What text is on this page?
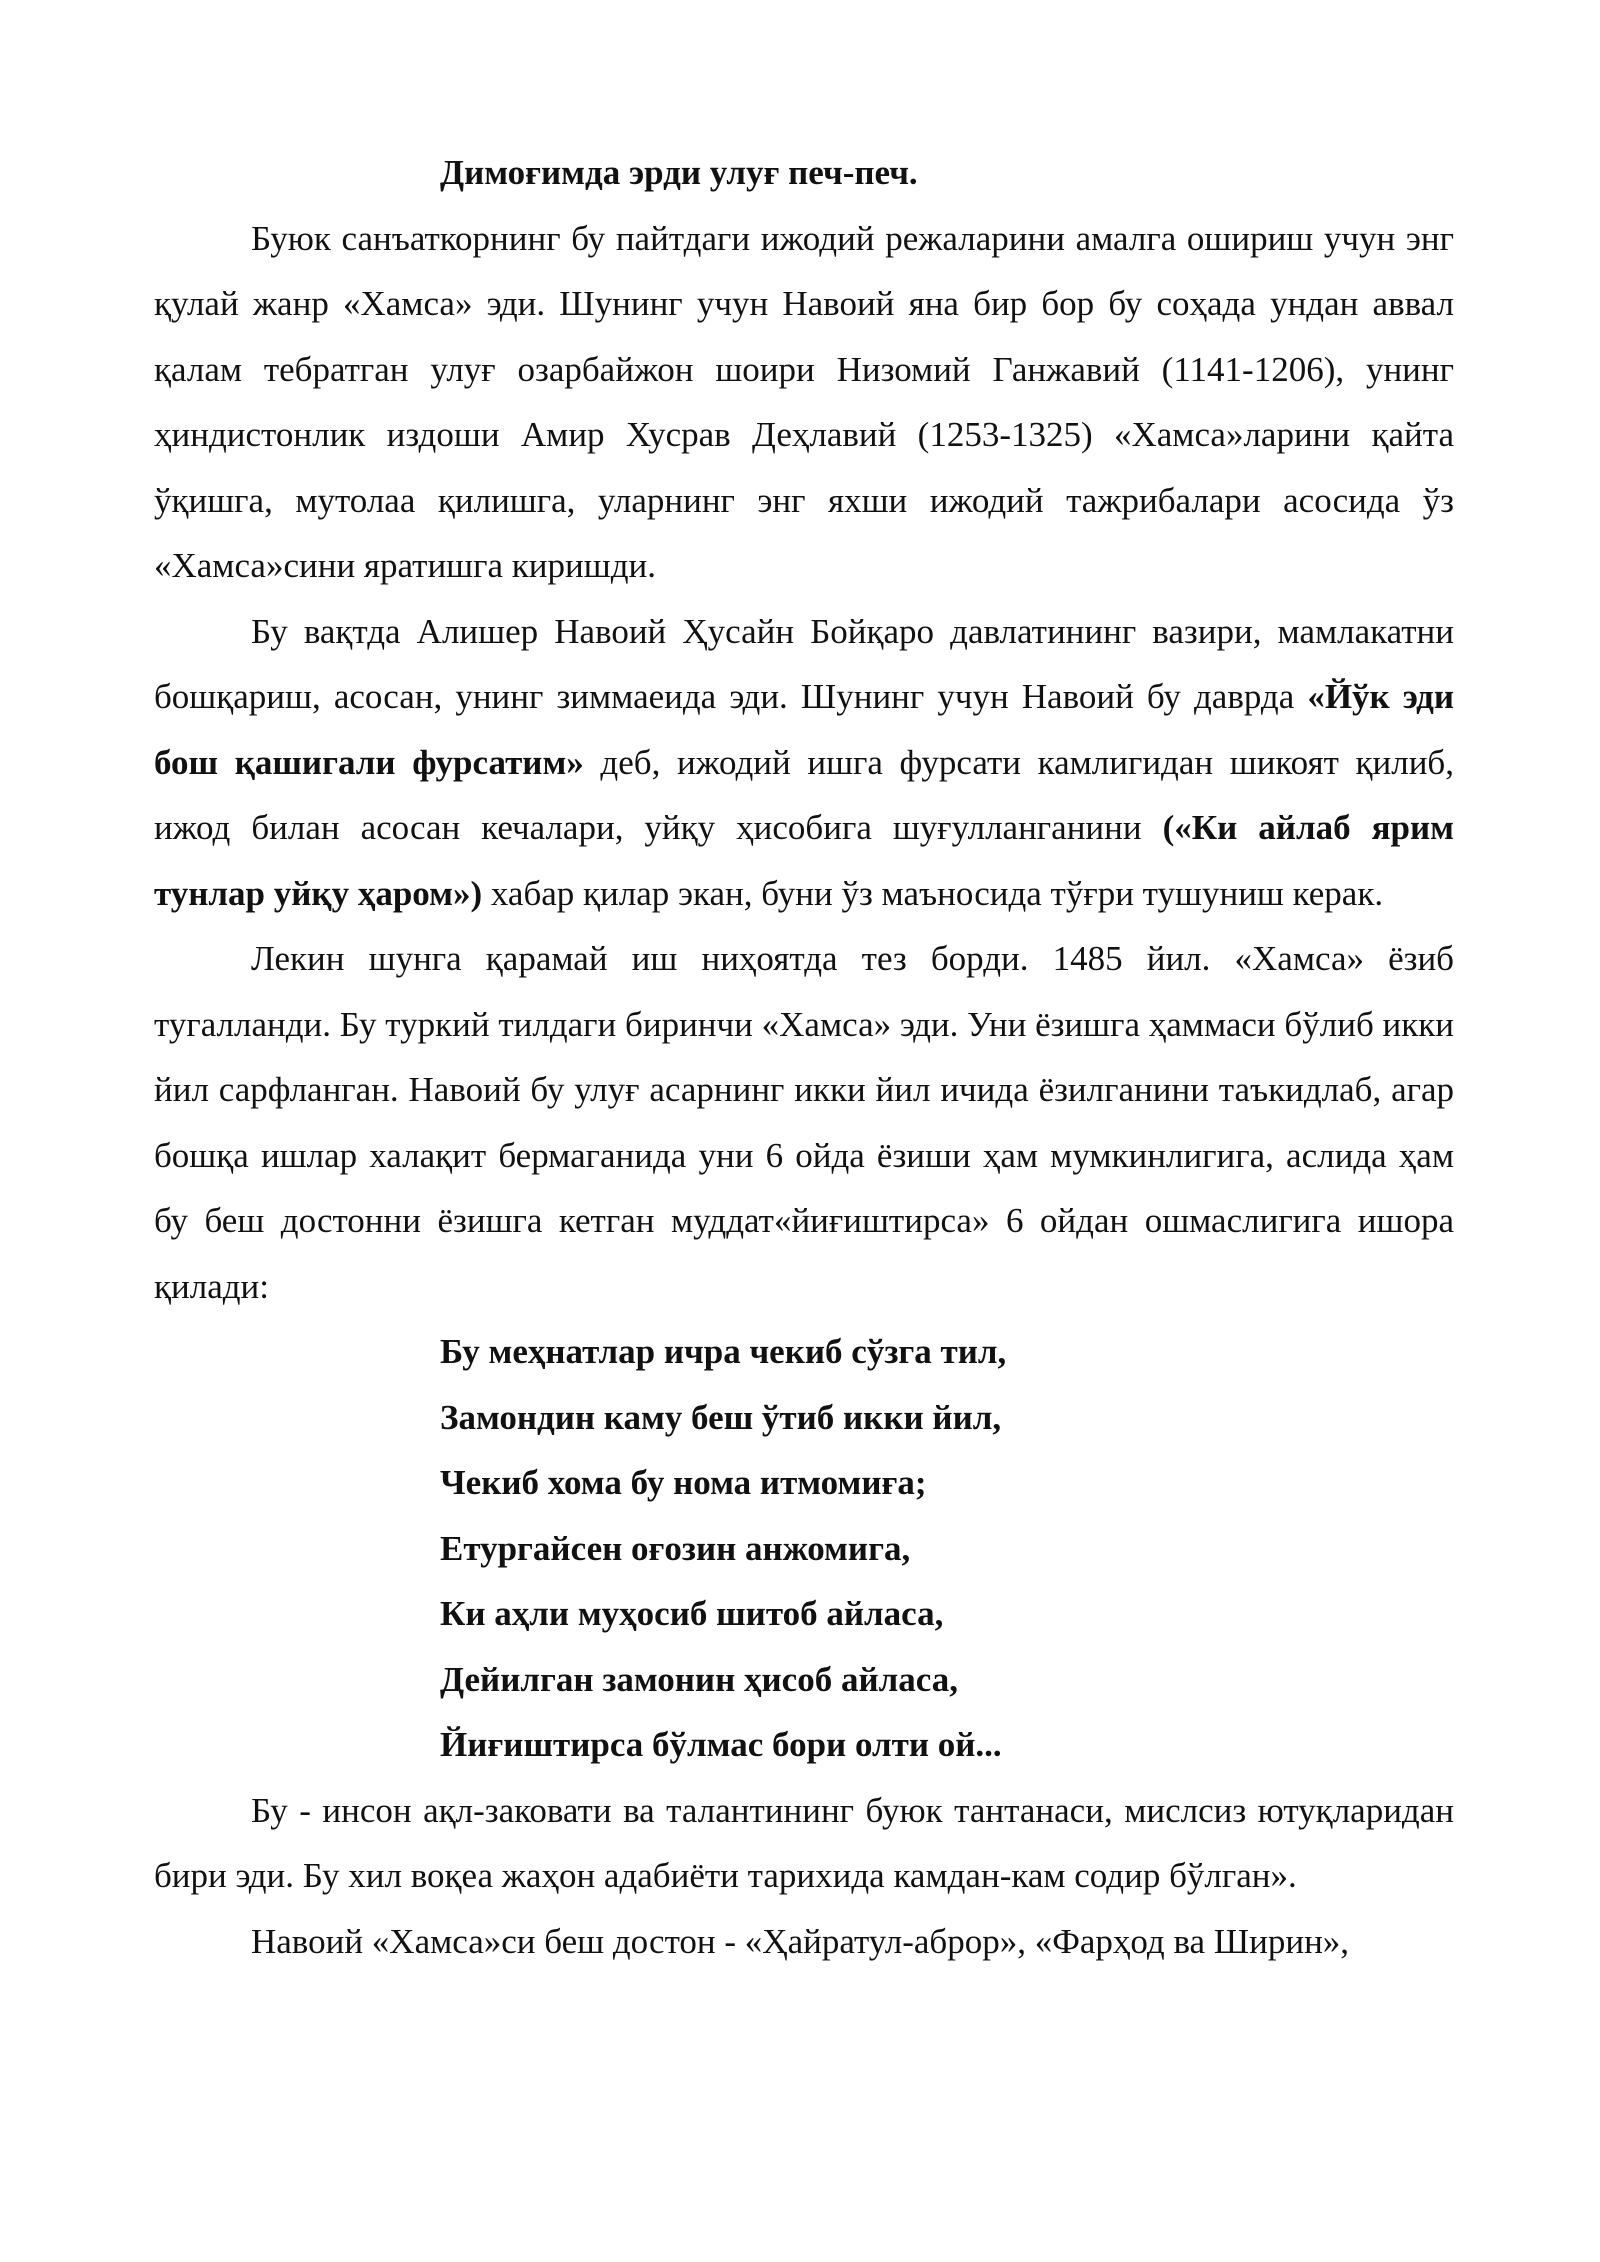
Димоғимда эрди улуғ печ-печ.

Буюк санъаткорнинг бу пайтдаги ижодий режаларини амалга ошириш учун энг қулай жанр «Хамса» эди. Шунинг учун Навоий яна бир бор бу соҳада ундан аввал қалам тебратган улуғ озарбайжон шоири Низомий Ганжавий (1141-1206), унинг ҳиндистонлик издоши Амир Хусрав Деҳлавий (1253-1325) «Хамса»ларини қайта ўқишга, мутолаа қилишга, уларнинг энг яхши ижодий тажрибалари асосида ўз «Хамса»сини яратишга киришди.

Бу вақтда Алишер Навоий Ҳусайн Бойқаро давлатининг вазири, мамлакатни бошқариш, асосан, унинг зиммаеида эди. Шунинг учун Навоий бу даврда «Йўк эди бош қашигали фурсатим» деб, ижодий ишга фурсати камлигидан шикоят қилиб, ижод билан асосан кечалари, уйқу ҳисобига шуғулланганини («Ки айлаб ярим тунлар уйқу ҳаром») хабар қилар экан, буни ўз маъносида тўғри тушуниш керак.

Лекин шунга қарамай иш ниҳоятда тез борди. 1485 йил. «Хамса» ёзиб тугалланди. Бу туркий тилдаги биринчи «Хамса» эди. Уни ёзишга ҳаммаси бўлиб икки йил сарфланган. Навоий бу улуғ асарнинг икки йил ичида ёзилганини таъкидлаб, агар бошқа ишлар халақит бермаганида уни 6 ойда ёзиши ҳам мумкинлигига, аслида ҳам бу беш достонни ёзишга кетган муддат«йиғиштирса» 6 ойдан ошмаслигига ишора қилади:

Бу меҳнатлар ичра чекиб сўзга тил,
Замондин каму беш ўтиб икки йил,
Чекиб хома бу нома итмомиға;
Етургайсен оғозин анжомига,
Ки аҳли муҳосиб шитоб айласа,
Дейилган замонин ҳисоб айласа,
Йиғиштирса бўлмас бори олти ой...

Бу - инсон ақл-заковати ва талантининг буюк тантанаси, мислсиз ютуқларидан бири эди. Бу хил воқеа жаҳон адабиёти тарихида камдан-кам содир бўлган».

Навоий «Хамса»си беш достон - «Ҳайратул-аброр», «Фарҳод ва Ширин»,
